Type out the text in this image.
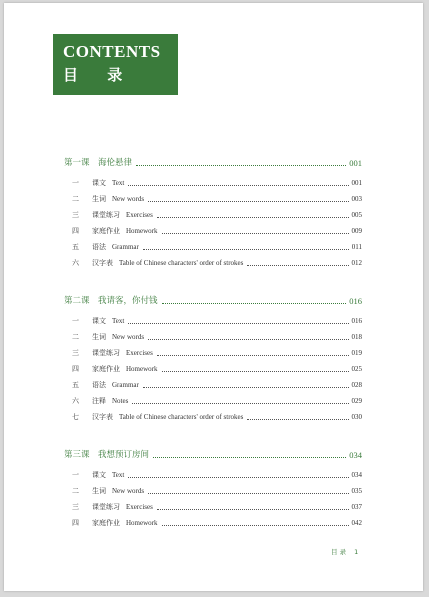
CONTENTS
目 录
第一课　海伦悬律	001
一	课文 Text	001
二	生词 New words	003
三	课堂练习 Exercises	005
四	家庭作业 Homework	009
五	语法 Grammar	011
六	汉字表 Table of Chinese characters' order of strokes	012
第二课　我请客，你付钱	016
一	课文 Text	016
二	生词 New words	018
三	课堂练习 Exercises	019
四	家庭作业 Homework	025
五	语法 Grammar	028
六	注释 Notes	029
七	汉字表 Table of Chinese characters' order of strokes	030
第三课　我想预订房间	034
一	课文 Text	034
二	生词 New words	035
三	课堂练习 Exercises	037
四	家庭作业 Homework	042
目 录 1
